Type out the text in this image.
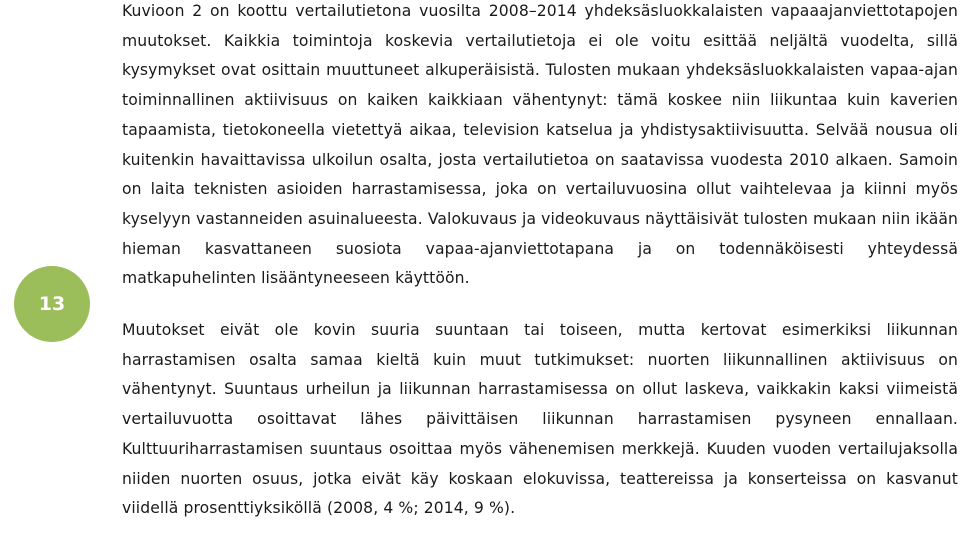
13

Kuvioon 2 on koottu vertailutietona vuosilta 2008–2014 yhdeksäsluokkalaisten vapaaajanviettotapojen muutokset. Kaikkia toimintoja koskevia vertailutietoja ei ole voitu esittää neljältä vuodelta, sillä kysymykset ovat osittain muuttuneet alkuperäisistä. Tulosten mukaan yhdeksäsluokkalaisten vapaa-ajan toiminnallinen aktiivisuus on kaiken kaikkiaan vähentynyt: tämä koskee niin liikuntaa kuin kaverien tapaamista, tietokoneella vietettyä aikaa, television katselua ja yhdistysaktiivisuutta. Selvää nousua oli kuitenkin havaittavissa ulkoilun osalta, josta vertailutietoa on saatavissa vuodesta 2010 alkaen. Samoin on laita teknisten asioiden harrastamisessa, joka on vertailuvuosina ollut vaihtelevaa ja kiinni myös kyselyyn vastanneiden asuinalueesta. Valokuvaus ja videokuvaus näyttäisivät tulosten mukaan niin ikään hieman kasvattaneen suosiota vapaa-ajanviettotapana ja on todennäköisesti yhteydessä matkapuhelinten lisääntyneeseen käyttöön.

Muutokset eivät ole kovin suuria suuntaan tai toiseen, mutta kertovat esimerkiksi liikunnan harrastamisen osalta samaa kieltä kuin muut tutkimukset: nuorten liikunnallinen aktiivisuus on vähentynyt. Suuntaus urheilun ja liikunnan harrastamisessa on ollut laskeva, vaikkakin kaksi viimeistä vertailuvuotta osoittavat lähes päivittäisen liikunnan harrastamisen pysyneen ennallaan. Kulttuuriharrastamisen suuntaus osoittaa myös vähenemisen merkkejä. Kuuden vuoden vertailujaksolla niiden nuorten osuus, jotka eivät käy koskaan elokuvissa, teattereissa ja konserteissa on kasvanut viidellä prosenttiyksiköllä (2008, 4 %; 2014, 9 %).
